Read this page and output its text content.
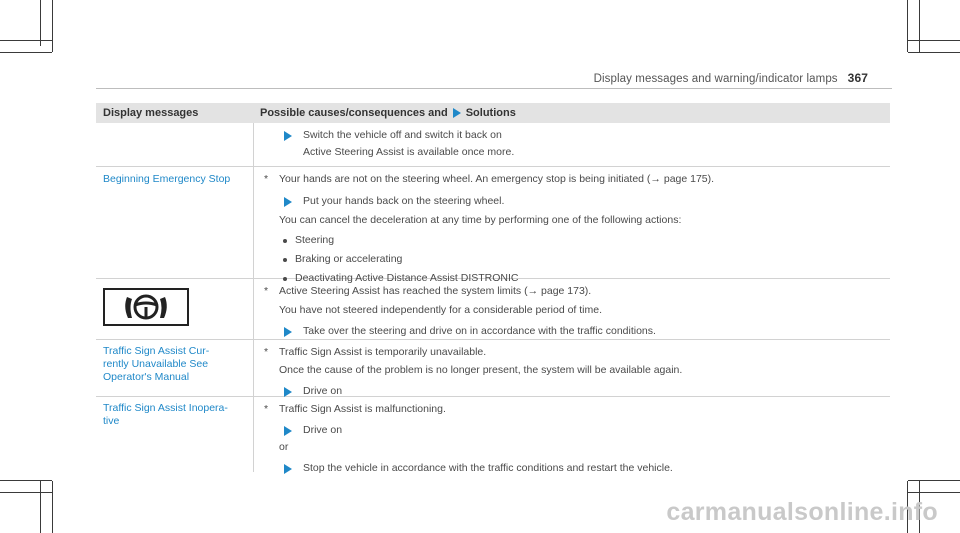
Display messages and warning/indicator lamps 367
Display messages	Possible causes/consequences and Solutions
Switch the vehicle off and switch it back on
Active Steering Assist is available once more.
Beginning Emergency Stop	*	Your hands are not on the steering wheel. An emergency stop is being initiated (→ page 175).
Put your hands back on the steering wheel.
You can cancel the deceleration at any time by performing one of the following actions:
Steering
Braking or accelerating
Deactivating Active Distance Assist DISTRONIC
*	Active Steering Assist has reached the system limits (→ page 173).
You have not steered independently for a considerable period of time.
Take over the steering and drive on in accordance with the traffic conditions.
Traffic Sign Assist Cur-
rently Unavailable See
Operator's Manual
*	Traffic Sign Assist is temporarily unavailable.
Once the cause of the problem is no longer present, the system will be available again.
Drive on
Traffic Sign Assist Inopera-
tive
*	Traffic Sign Assist is malfunctioning.
Drive on
or
Stop the vehicle in accordance with the traffic conditions and restart the vehicle.
carmanualsonline.info
